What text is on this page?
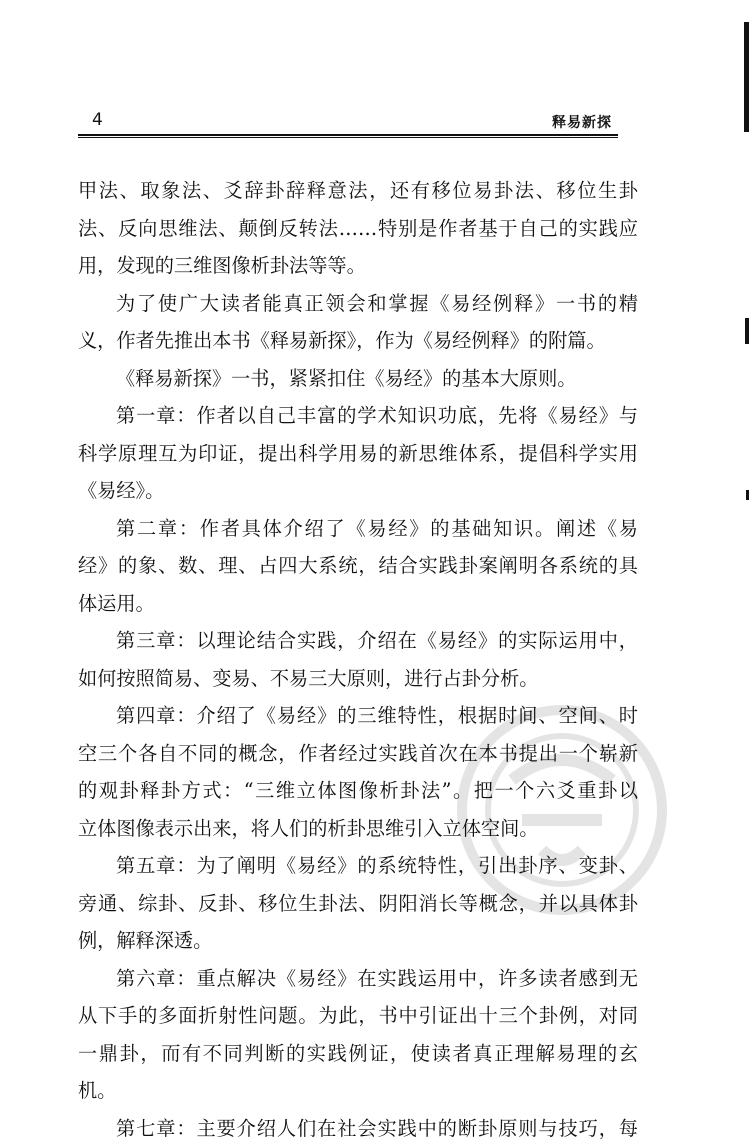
4	释易新探
甲法、取象法、爻辞卦辞释意法，还有移位易卦法、移位生卦
法、反向思维法、颠倒反转法……特别是作者基于自己的实践应
用，发现的三维图像析卦法等等。
为了使广大读者能真正领会和掌握《易经例释》一书的精
义，作者先推出本书《释易新探》，作为《易经例释》的附篇。
《释易新探》一书，紧紧扣住《易经》的基本大原则。
第一章：作者以自己丰富的学术知识功底，先将《易经》与
科学原理互为印证，提出科学用易的新思维体系，提倡科学实用
《易经》。
第二章：作者具体介绍了《易经》的基础知识。阐述《易
经》的象、数、理、占四大系统，结合实践卦案阐明各系统的具
体运用。
第三章：以理论结合实践，介绍在《易经》的实际运用中，
如何按照简易、变易、不易三大原则，进行占卦分析。
第四章：介绍了《易经》的三维特性，根据时间、空间、时
空三个各自不同的概念，作者经过实践首次在本书提出一个崭新
的观卦释卦方式：“三维立体图像析卦法”。把一个六爻重卦以
立体图像表示出来，将人们的析卦思维引入立体空间。
第五章：为了阐明《易经》的系统特性，引出卦序、变卦、
旁通、综卦、反卦、移位生卦法、阴阳消长等概念，并以具体卦
例，解释深透。
第六章：重点解决《易经》在实践运用中，许多读者感到无
从下手的多面折射性问题。为此，书中引证出十三个卦例，对同
一鼎卦，而有不同判断的实践例证，使读者真正理解易理的玄
机。
第七章：主要介绍人们在社会实践中的断卦原则与技巧，每
